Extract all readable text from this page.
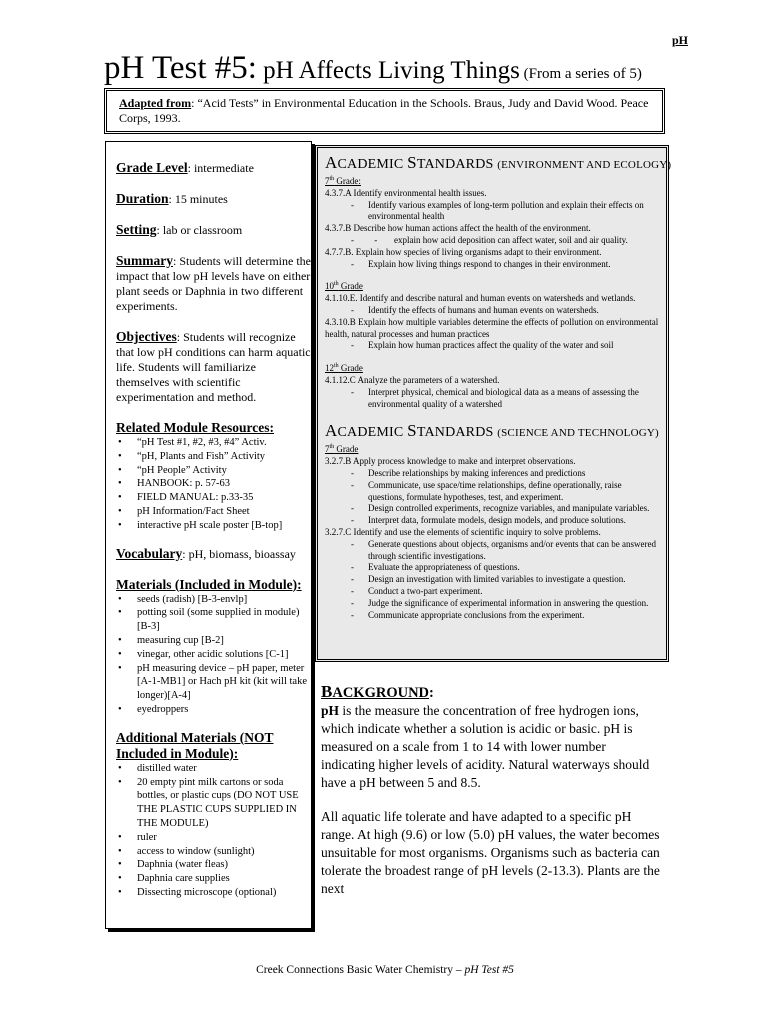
pH
pH Test #5: pH Affects Living Things (From a series of 5)
Adapted from: “Acid Tests” in Environmental Education in the Schools. Braus, Judy and David Wood. Peace Corps, 1993.
Grade Level: intermediate
Duration: 15 minutes
Setting: lab or classroom
Summary: Students will determine the impact that low pH levels have on either plant seeds or Daphnia in two different experiments.
Objectives: Students will recognize that low pH conditions can harm aquatic life. Students will familiarize themselves with scientific experimentation and method.
Related Module Resources:
• “pH Test #1, #2, #3, #4” Activ.
• “pH, Plants and Fish” Activity
• “pH People” Activity
• HANBOOK: p. 57-63
• FIELD MANUAL: p.33-35
• pH Information/Fact Sheet
• interactive pH scale poster [B-top]
Vocabulary: pH, biomass, bioassay
Materials (Included in Module):
• seeds (radish) [B-3-envlp]
• potting soil (some supplied in module) [B-3]
• measuring cup [B-2]
• vinegar, other acidic solutions [C-1]
• pH measuring device – pH paper, meter [A-1-MB1] or Hach pH kit (kit will take longer)[A-4]
• eyedroppers
Additional Materials (NOT Included in Module):
• distilled water
• 20 empty pint milk cartons or soda bottles, or plastic cups (DO NOT USE THE PLASTIC CUPS SUPPLIED IN THE MODULE)
• ruler
• access to window (sunlight)
• Daphnia (water fleas)
• Daphnia care supplies
• Dissecting microscope (optional)
ACADEMIC STANDARDS (ENVIRONMENT AND ECOLOGY)
7th Grade:
4.3.7.A Identify environmental health issues.
- Identify various examples of long-term pollution and explain their effects on environmental health
4.3.7.B Describe how human actions affect the health of the environment.
- explain how acid deposition can affect water, soil and air quality.
4.7.7.B. Explain how species of living organisms adapt to their environment.
- Explain how living things respond to changes in their environment.
10th Grade
4.1.10.E. Identify and describe natural and human events on watersheds and wetlands.
- Identify the effects of humans and human events on watersheds.
4.3.10.B Explain how multiple variables determine the effects of pollution on environmental health, natural processes and human practices
- Explain how human practices affect the quality of the water and soil
12th Grade
4.1.12.C Analyze the parameters of a watershed.
- Interpret physical, chemical and biological data as a means of assessing the environmental quality of a watershed
ACADEMIC STANDARDS (SCIENCE AND TECHNOLOGY)
7th Grade
3.2.7.B Apply process knowledge to make and interpret observations.
- Describe relationships by making inferences and predictions
- Communicate, use space/time relationships, define operationally, raise questions, formulate hypotheses, test, and experiment.
- Design controlled experiments, recognize variables, and manipulate variables.
- Interpret data, formulate models, design models, and produce solutions.
3.2.7.C Identify and use the elements of scientific inquiry to solve problems.
- Generate questions about objects, organisms and/or events that can be answered through scientific investigations.
- Evaluate the appropriateness of questions.
- Design an investigation with limited variables to investigate a question.
- Conduct a two-part experiment.
- Judge the significance of experimental information in answering the question.
- Communicate appropriate conclusions from the experiment.
BACKGROUND:

pH is the measure the concentration of free hydrogen ions, which indicate whether a solution is acidic or basic. pH is measured on a scale from 1 to 14 with lower number indicating higher levels of acidity. Natural waterways should have a pH between 5 and 8.5.

All aquatic life tolerate and have adapted to a specific pH range. At high (9.6) or low (5.0) pH values, the water becomes unsuitable for most organisms. Organisms such as bacteria can tolerate the broadest range of pH levels (2-13.3). Plants are the next

Creek Connections Basic Water Chemistry – pH Test #5
